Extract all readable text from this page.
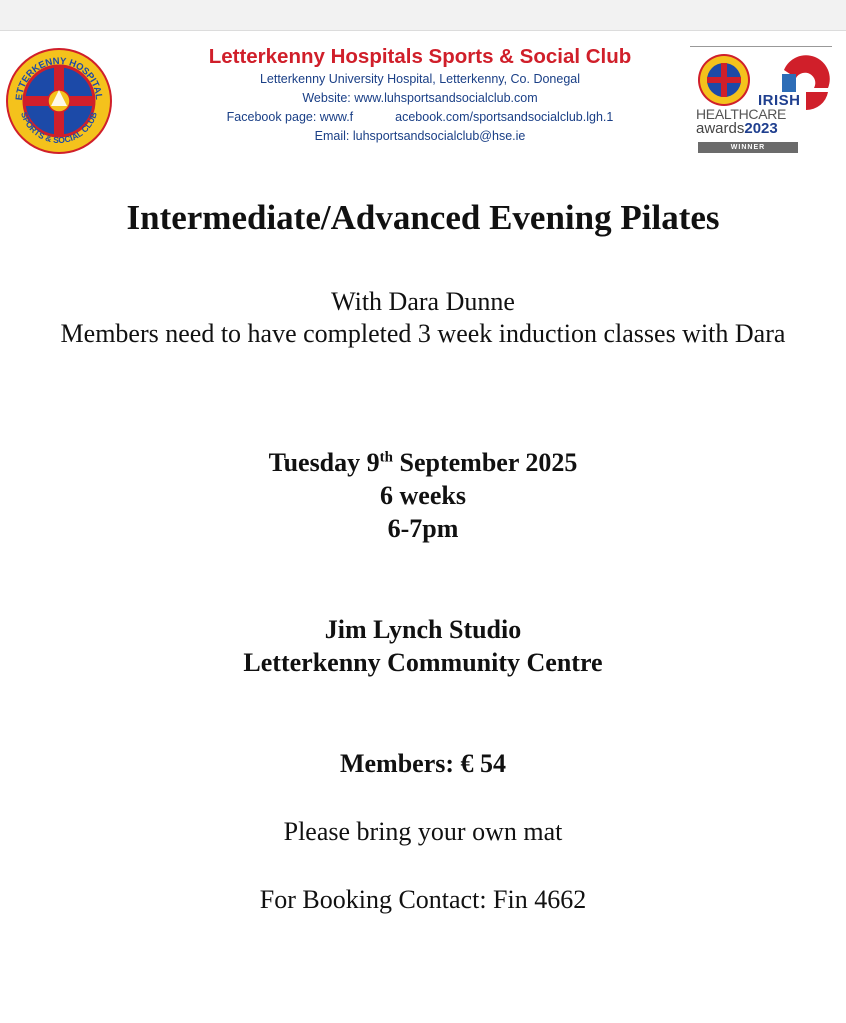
ETTERKENNY HOSPITAL
SPORTS & SOCIAL CLUB
Letterkenny Hospitals Sports & Social Club
Letterkenny University Hospital, Letterkenny, Co. Donegal
Website: www.luhsportsandsocialclub.com
Facebook page: www.f	acebook.com/sportsandsocialclub.lgh.1
Email: luhsportsandsocialclub@hse.ie
IRISH
HEALTHCARE
awards2023
WINNER
Intermediate/Advanced Evening Pilates
With Dara Dunne
Members need to have completed 3 week induction classes with Dara
Tuesday 9th September 2025
6 weeks
6-7pm
Jim Lynch Studio
Letterkenny Community Centre
Members: € 54
Please bring your own mat
For Booking Contact: Fin 4662
